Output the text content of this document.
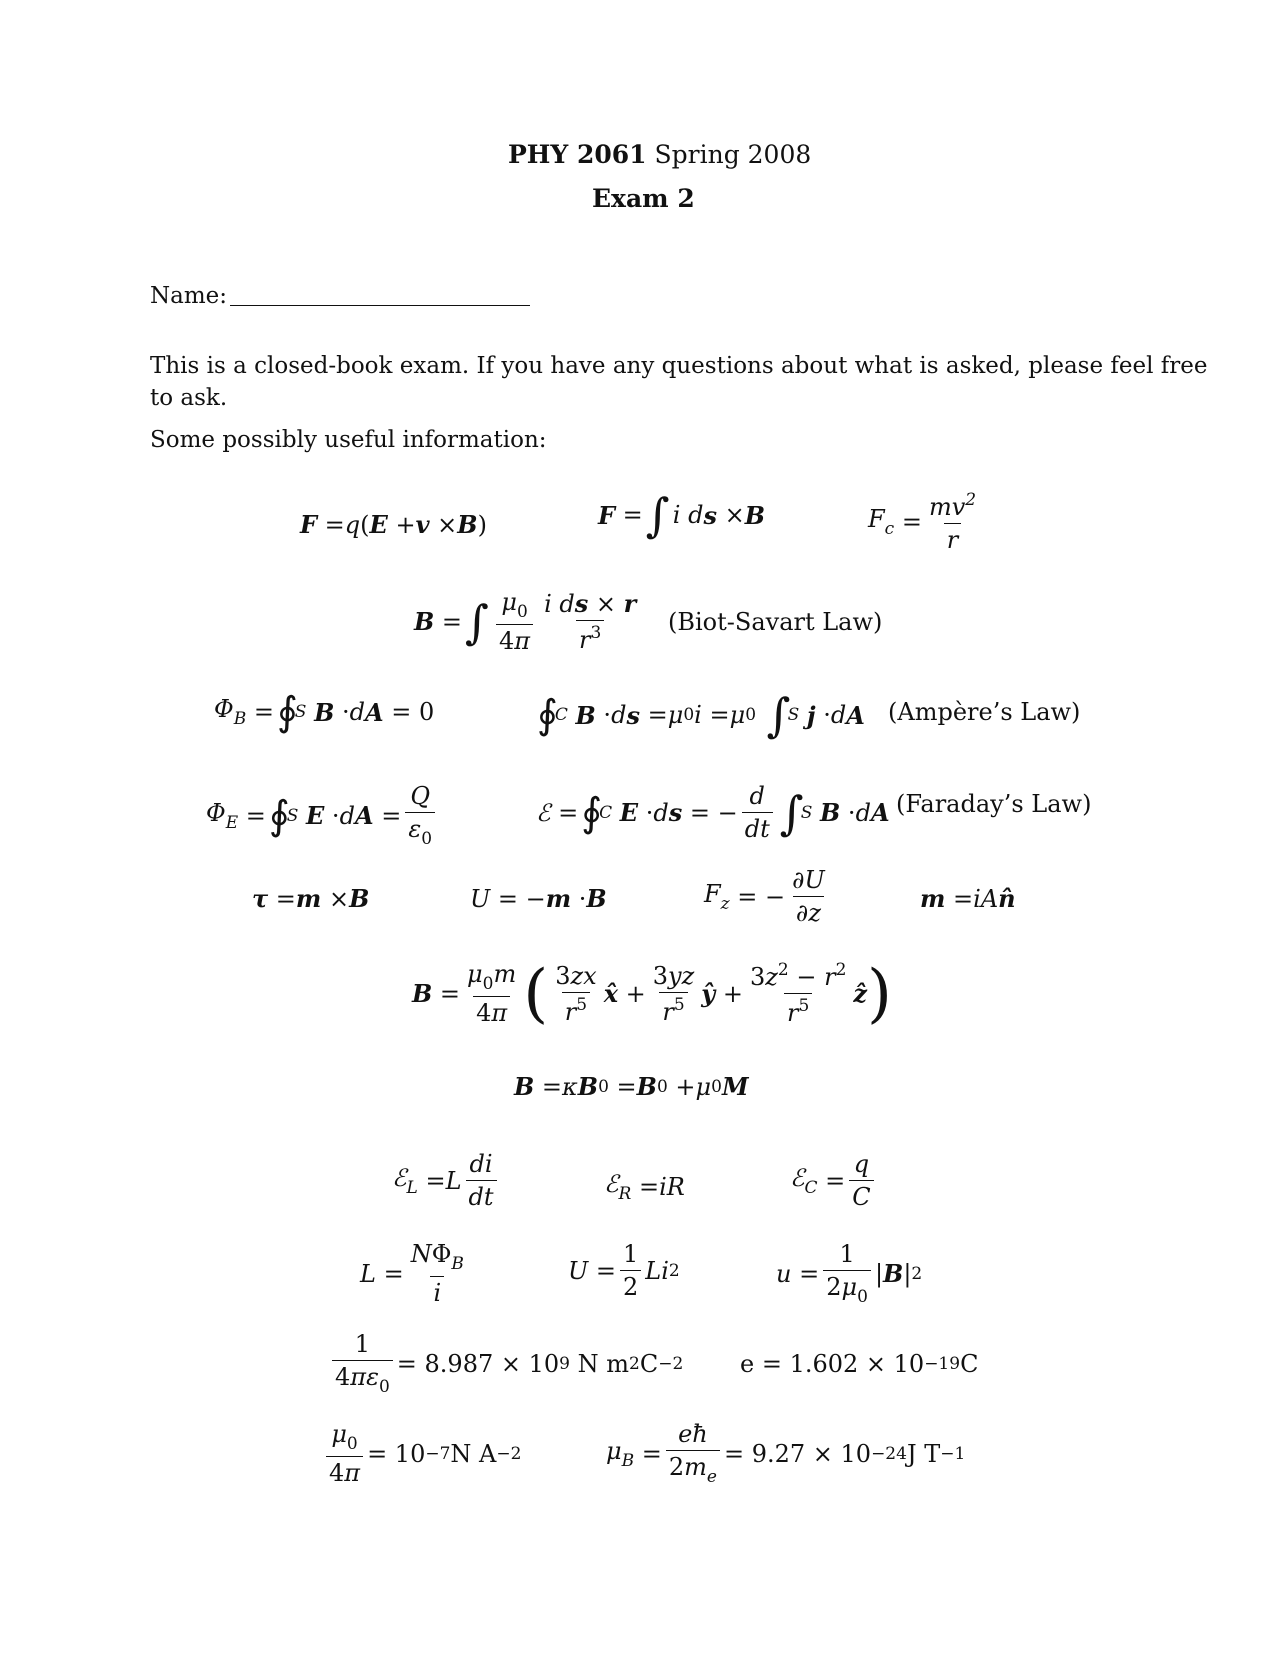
PHY 2061 Spring 2008
Exam 2
Name:
This is a closed-book exam. If you have any questions about what is asked, please feel free
to ask.
Some possibly useful information:
F = q ( E + v × B )	F = ∫ i d s × B	$F_c = \frac{mv^2}{r}$
B = ∫ $\frac{\mu_0}{4\pi} \frac{\text{i ds × r}}{r^3}$ (Biot-Savart Law)
$\Phi_B$ = ∮
S
B · d A = 0	∮
C
B · d s = μ 0 i = μ 0
∫
S
j · d A (Ampère’s Law)
$\Phi_E$ = ∮
S
E · d $A = \frac{Q}{\varepsilon_0}$	ℰ = ∮
C
E · d s = − $\frac{d}{dt}$ ∫
S
B · d A (Faraday’s Law)
τ = m × B	U = − m · B	$F_z$ = − $\frac{\partial U}{\partial z}$	m = iA n̂
$B = \frac{\mu_0m}{4\pi}$ ( $\frac{3zx}{r^5}$ x̂ + $\frac{3yz}{r^5}$ ŷ + $\frac{3z^2 - r^2}{r^5}$ ẑ )
B = κ B 0 = B 0 + μ 0 M
ℰ$_L$ = L $\frac{di}{dt}$	ℰ$_R$ = iR	ℰ$_C$ = $\frac{q}{C}$
$L = \frac{N\Phi_B}{i}$	$U = \frac{1}{2}$ Li 2	$u = \frac{1}{2\mu_0}$ | B | 2
$\frac{1}{4\pi\varepsilon_0} = 8.987 \times 10$ 9
N m 2 C −2 e = 1.602 × 10 −19 C
$\frac{\mu_0}{4\pi} = 10 -7$ N A −2	$\mu_B = \frac{eħ}{2m_e} = 9.27 \times 10 -24$ J T −1
